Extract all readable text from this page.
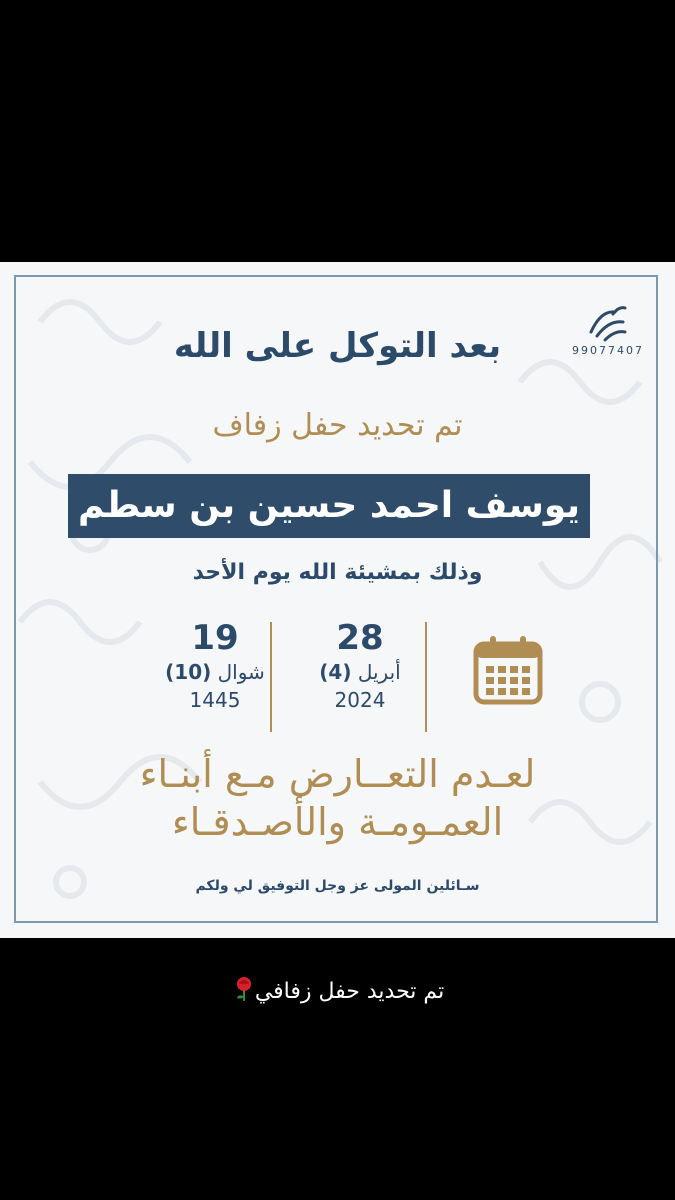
99077407
بعد التوكل على الله
تم تحديد حفل زفاف
يوسف احمد حسين بن سطم
وذلك بمشيئة الله يوم الأحد
28
أبريل (4)
2024
19
شوال (10)
1445
لعـدم التعــارض مـع أبنـاء
العمـومـة والأصـدقـاء
سـائلين المولى عز وجل التوفيق لي ولكم
تم تحديد حفل زفافي
